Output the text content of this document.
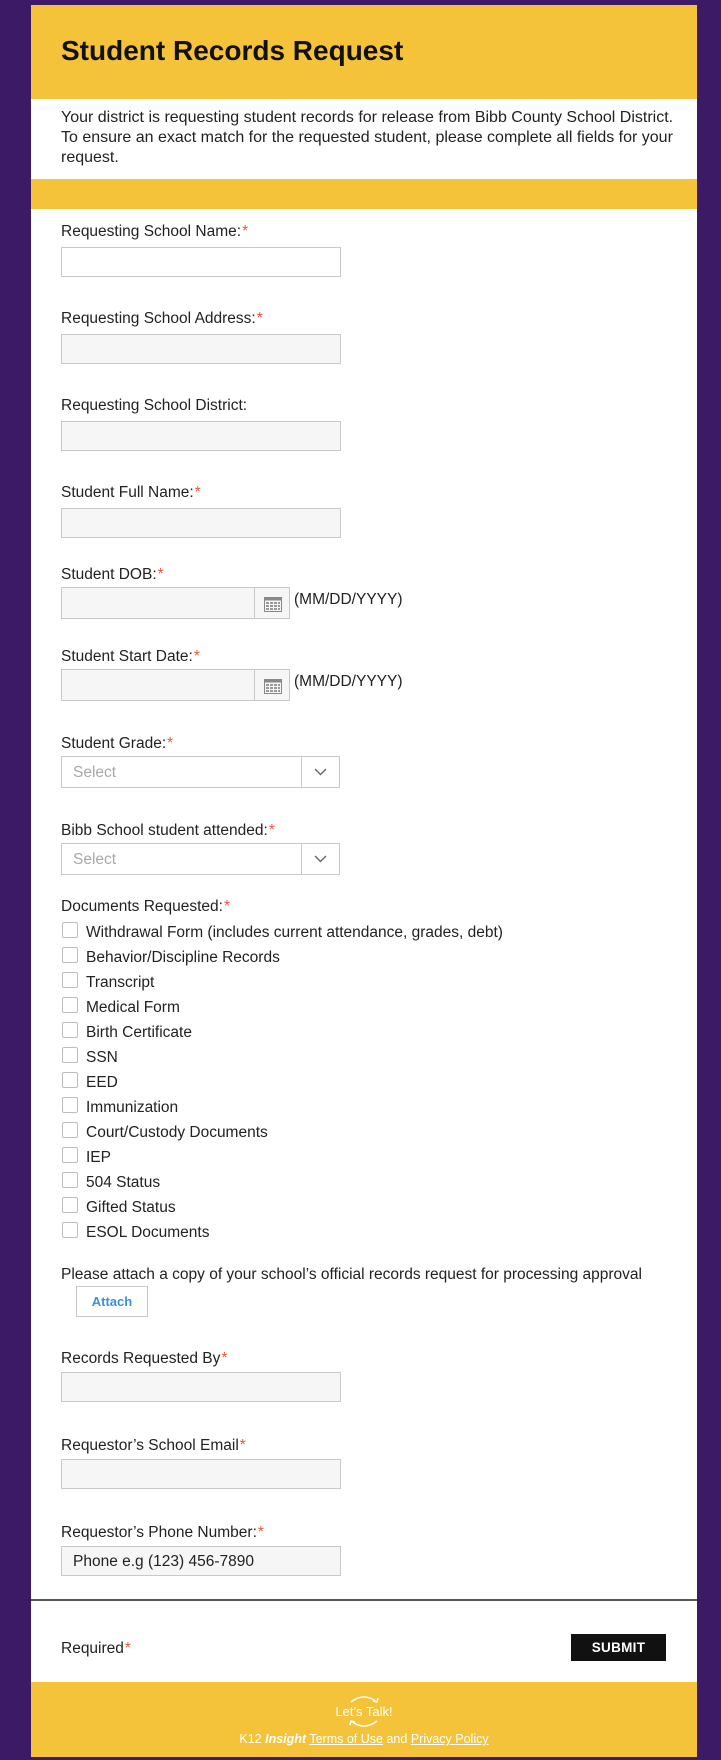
Student Records Request
Your district is requesting student records for release from Bibb County School District. To ensure an exact match for the requested student, please complete all fields for your request.
Requesting School Name:*
Requesting School Address:*
Requesting School District:
Student Full Name:*
Student DOB:*
(MM/DD/YYYY)
Student Start Date:*
(MM/DD/YYYY)
Student Grade:*
Select
Bibb School student attended:*
Select
Documents Requested:*
Withdrawal Form (includes current attendance, grades, debt)
Behavior/Discipline Records
Transcript
Medical Form
Birth Certificate
SSN
EED
Immunization
Court/Custody Documents
IEP
504 Status
Gifted Status
ESOL Documents
Please attach a copy of your school’s official records request for processing approval
Attach
Records Requested By*
Requestor’s School Email*
Requestor’s Phone Number:*
Phone e.g (123) 456-7890
Required*	SUBMIT
Let’s Talk!
K12 Insight Terms of Use and Privacy Policy
